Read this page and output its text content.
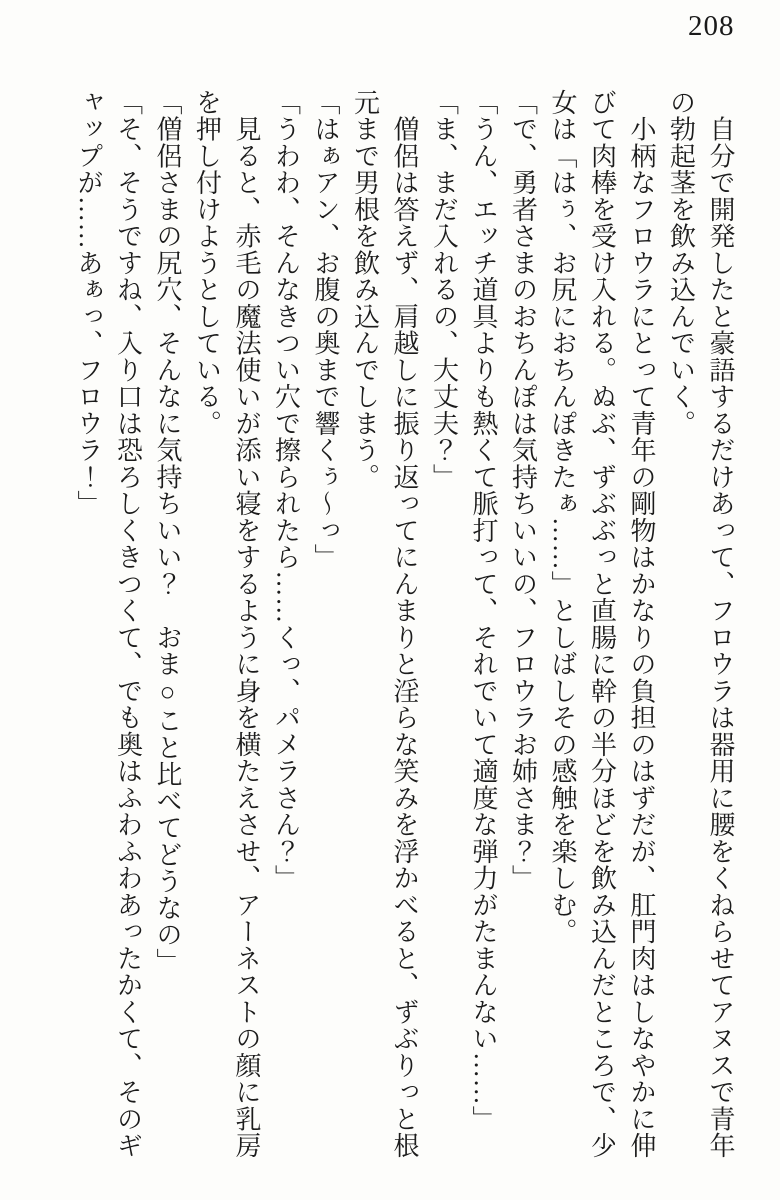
208

　自分で開発したと豪語するだけあって、フロウラは器用に腰をくねらせてアヌスで青年の勃起茎を飲み込んでいく。

　小柄なフロウラにとって青年の剛物はかなりの負担のはずだが、肛門肉はしなやかに伸びて肉棒を受け入れる。ぬぶ、ずぶぶっと直腸に幹の半分ほどを飲み込んだところで、少女は「はぅ、お尻におちんぽきたぁ……」としばしその感触を楽しむ。

「で、勇者さまのおちんぽは気持ちいいの、フロウラお姉さま？」

「うん、エッチ道具よりも熱くて脈打って、それでいて適度な弾力がたまんない……」

「ま、まだ入れるの、大丈夫？」

　僧侶は答えず、肩越しに振り返ってにんまりと淫らな笑みを浮かべると、ずぶりっと根元まで男根を飲み込んでしまう。

「はぁアン、お腹の奥まで響くぅ～っ」

「うわわ、そんなきつい穴で擦られたら……くっ、パメラさん？」

　見ると、赤毛の魔法使いが添い寝をするように身を横たえさせ、アーネストの顔に乳房を押し付けようとしている。

「僧侶さまの尻穴、そんなに気持ちいい？　おま○こと比べてどうなの」

「そ、そうですね、入り口は恐ろしくきつくて、でも奥はふわふわあったかくて、そのギャップが……あぁっ、フロウラ！」
